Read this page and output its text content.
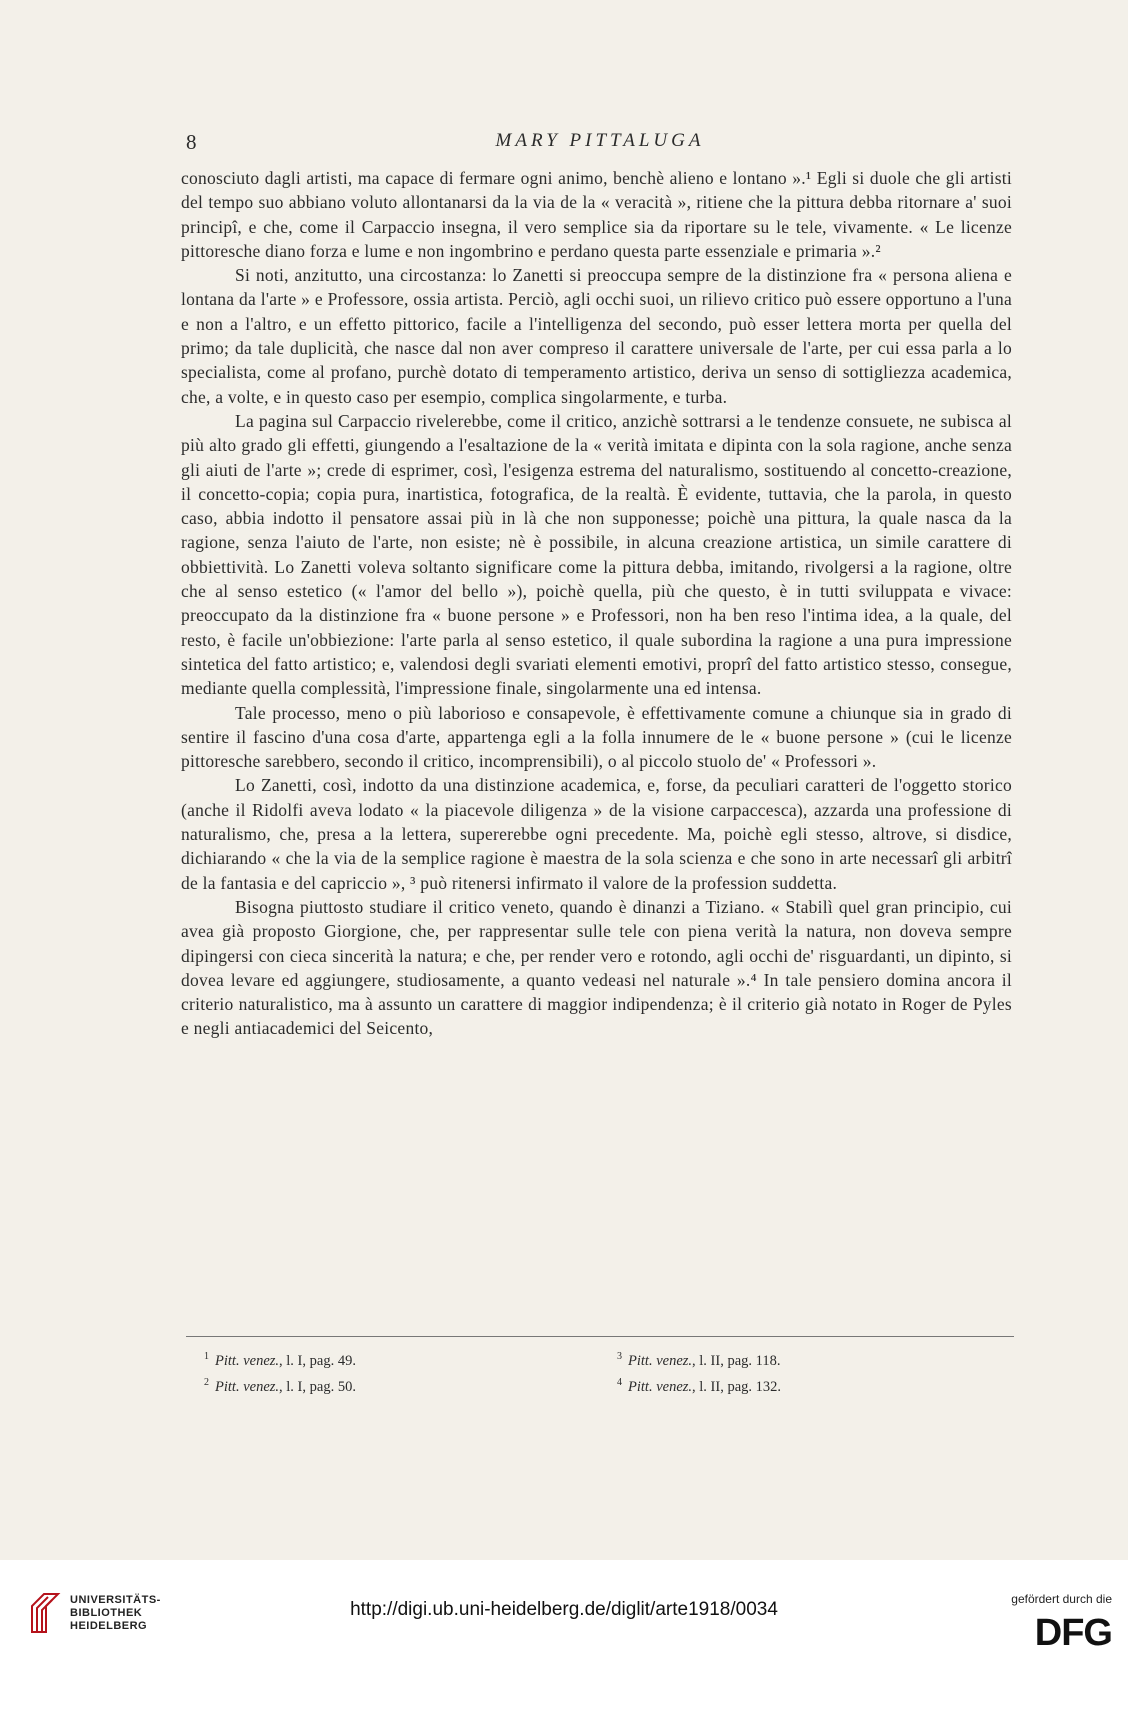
8	MARY PITTALUGA

conosciuto dagli artisti, ma capace di fermare ogni animo, benchè alieno e lontano ».¹ Egli si duole che gli artisti del tempo suo abbiano voluto allontanarsi da la via de la « veracità », ritiene che la pittura debba ritornare a' suoi principî, e che, come il Carpaccio insegna, il vero semplice sia da riportare su le tele, vivamente. « Le licenze pittoresche diano forza e lume e non ingombrino e perdano questa parte essenziale e primaria ».²

Si noti, anzitutto, una circostanza: lo Zanetti si preoccupa sempre de la distinzione fra « persona aliena e lontana da l'arte » e Professore, ossia artista. Perciò, agli occhi suoi, un rilievo critico può essere opportuno a l'una e non a l'altro, e un effetto pittorico, facile a l'intelligenza del secondo, può esser lettera morta per quella del primo; da tale duplicità, che nasce dal non aver compreso il carattere universale de l'arte, per cui essa parla a lo specialista, come al profano, purchè dotato di temperamento artistico, deriva un senso di sottigliezza academica, che, a volte, e in questo caso per esempio, complica singolarmente, e turba.

La pagina sul Carpaccio rivelerebbe, come il critico, anzichè sottrarsi a le tendenze consuete, ne subisca al più alto grado gli effetti, giungendo a l'esaltazione de la « verità imitata e dipinta con la sola ragione, anche senza gli aiuti de l'arte »; crede di esprimer, così, l'esigenza estrema del naturalismo, sostituendo al concetto-creazione, il concetto-copia; copia pura, inartistica, fotografica, de la realtà. È evidente, tuttavia, che la parola, in questo caso, abbia indotto il pensatore assai più in là che non supponesse; poichè una pittura, la quale nasca da la ragione, senza l'aiuto de l'arte, non esiste; nè è possibile, in alcuna creazione artistica, un simile carattere di obbiettività. Lo Zanetti voleva soltanto significare come la pittura debba, imitando, rivolgersi a la ragione, oltre che al senso estetico (« l'amor del bello »), poichè quella, più che questo, è in tutti sviluppata e vivace: preoccupato da la distinzione fra « buone persone » e Professori, non ha ben reso l'intima idea, a la quale, del resto, è facile un'obbiezione: l'arte parla al senso estetico, il quale subordina la ragione a una pura impressione sintetica del fatto artistico; e, valendosi degli svariati elementi emotivi, proprî del fatto artistico stesso, consegue, mediante quella complessità, l'impressione finale, singolarmente una ed intensa.

Tale processo, meno o più laborioso e consapevole, è effettivamente comune a chiunque sia in grado di sentire il fascino d'una cosa d'arte, appartenga egli a la folla innumere de le « buone persone » (cui le licenze pittoresche sarebbero, secondo il critico, incomprensibili), o al piccolo stuolo de' « Professori ».

Lo Zanetti, così, indotto da una distinzione academica, e, forse, da peculiari caratteri de l'oggetto storico (anche il Ridolfi aveva lodato « la piacevole diligenza » de la visione carpaccesca), azzarda una professione di naturalismo, che, presa a la lettera, supererebbe ogni precedente. Ma, poichè egli stesso, altrove, si disdice, dichiarando « che la via de la semplice ragione è maestra de la sola scienza e che sono in arte necessarî gli arbitrî de la fantasia e del capriccio », ³ può ritenersi infirmato il valore de la profession suddetta.

Bisogna piuttosto studiare il critico veneto, quando è dinanzi a Tiziano. « Stabilì quel gran principio, cui avea già proposto Giorgione, che, per rappresentar sulle tele con piena verità la natura, non doveva sempre dipingersi con cieca sincerità la natura; e che, per render vero e rotondo, agli occhi de' risguardanti, un dipinto, si dovea levare ed aggiungere, studiosamente, a quanto vedeasi nel naturale ».⁴ In tale pensiero domina ancora il criterio naturalistico, ma à assunto un carattere di maggior indipendenza; è il criterio già notato in Roger de Pyles e negli antiacademici del Seicento,

$^1$ Pitt. venez., l. I, pag. 49.
$^2$ Pitt. venez., l. I, pag. 50.
$^3$ Pitt. venez., l. II, pag. 118.
$^4$ Pitt. venez., l. II, pag. 132.
UNIVERSITÄTS-
BIBLIOTHEK
HEIDELBERG
http://digi.ub.uni-heidelberg.de/diglit/arte1918/0034	gefördert durch die
DFG
